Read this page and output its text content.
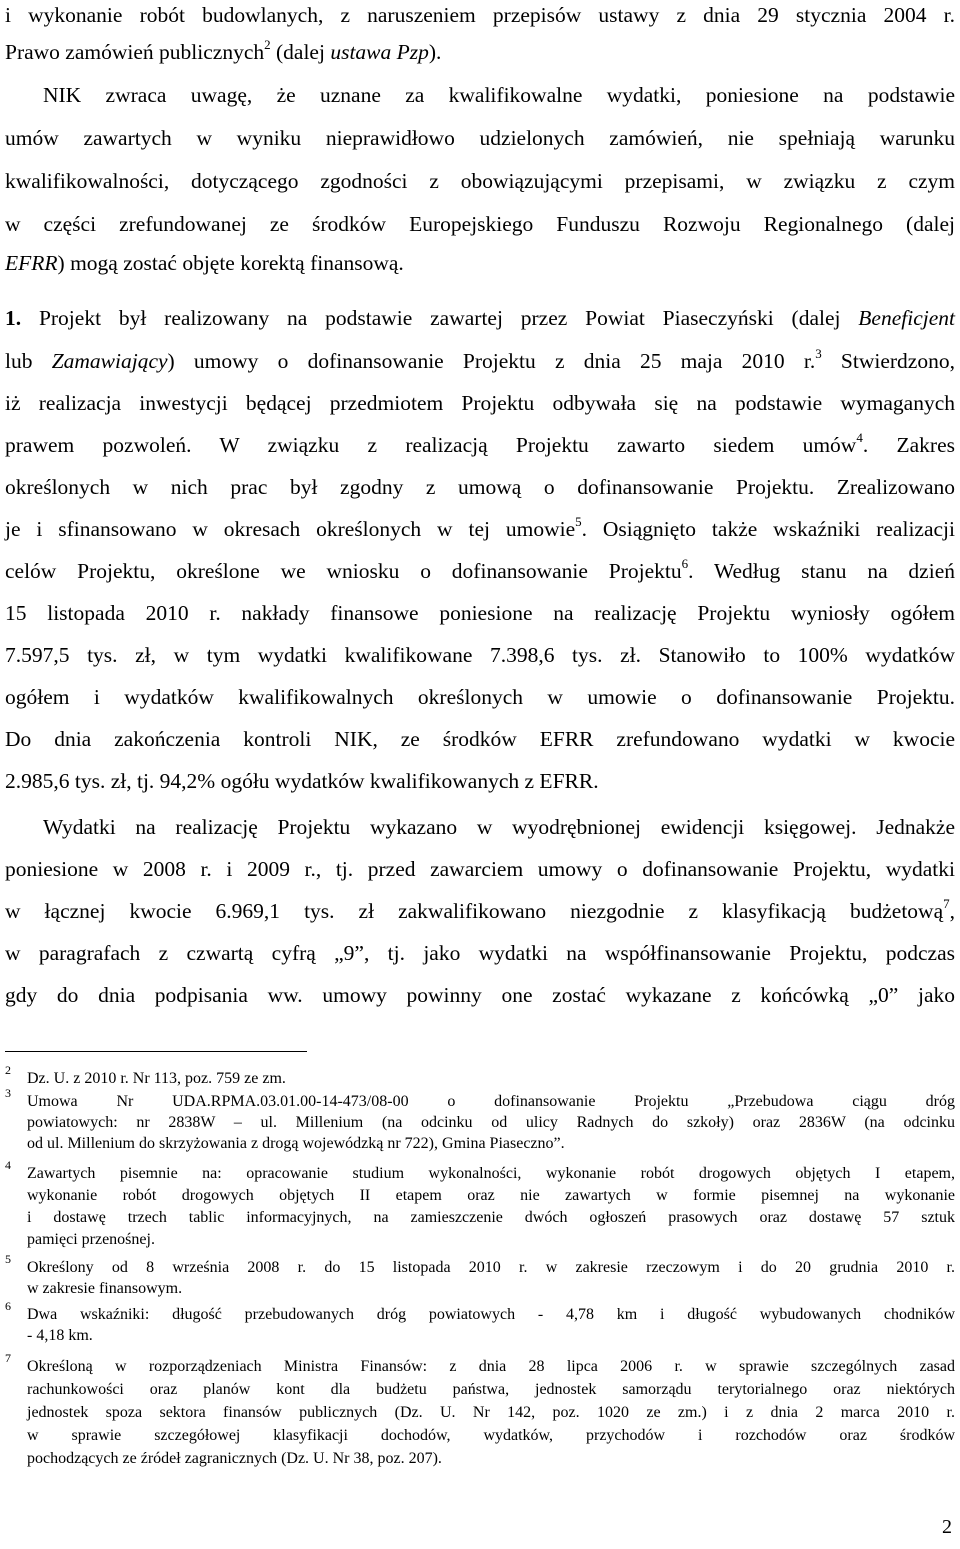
i wykonanie robót budowlanych, z naruszeniem przepisów ustawy z dnia 29 stycznia 2004 r.
Prawo zamówień publicznych$^2$ (dalej ustawa Pzp).
NIK zwraca uwagę, że uznane za kwalifikowalne wydatki, poniesione na podstawie
umów zawartych w wyniku nieprawidłowo udzielonych zamówień, nie spełniają warunku
kwalifikowalności, dotyczącego zgodności z obowiązującymi przepisami, w związku z czym
w części zrefundowanej ze środków Europejskiego Funduszu Rozwoju Regionalnego (dalej
EFRR) mogą zostać objęte korektą finansową.
1. Projekt był realizowany na podstawie zawartej przez Powiat Piaseczyński (dalej Beneficjent
lub Zamawiający) umowy o dofinansowanie Projektu z dnia 25 maja 2010 r.$^3$ Stwierdzono,
iż realizacja inwestycji będącej przedmiotem Projektu odbywała się na podstawie wymaganych
prawem pozwoleń. W związku z realizacją Projektu zawarto siedem umów$^4$. Zakres
określonych w nich prac był zgodny z umową o dofinansowanie Projektu. Zrealizowano
je i sfinansowano w okresach określonych w tej umowie$^5$. Osiągnięto także wskaźniki realizacji
celów Projektu, określone we wniosku o dofinansowanie Projektu$^6$. Według stanu na dzień
15 listopada 2010 r. nakłady finansowe poniesione na realizację Projektu wyniosły ogółem
7.597,5 tys. zł, w tym wydatki kwalifikowane 7.398,6 tys. zł. Stanowiło to 100% wydatków
ogółem i wydatków kwalifikowalnych określonych w umowie o dofinansowanie Projektu.
Do dnia zakończenia kontroli NIK, ze środków EFRR zrefundowano wydatki w kwocie
2.985,6 tys. zł, tj. 94,2% ogółu wydatków kwalifikowanych z EFRR.
Wydatki na realizację Projektu wykazano w wyodrębnionej ewidencji księgowej. Jednakże
poniesione w 2008 r. i 2009 r., tj. przed zawarciem umowy o dofinansowanie Projektu, wydatki
w łącznej kwocie 6.969,1 tys. zł zakwalifikowano niezgodnie z klasyfikacją budżetową$^7$,
w paragrafach z czwartą cyfrą „9”, tj. jako wydatki na współfinansowanie Projektu, podczas
gdy do dnia podpisania ww. umowy powinny one zostać wykazane z końcówką „0” jako
2 Dz. U. z 2010 r. Nr 113, poz. 759 ze zm.
3 Umowa Nr UDA.RPMA.03.01.00-14-473/08-00 o dofinansowanie Projektu „Przebudowa ciągu dróg
powiatowych: nr 2838W – ul. Millenium (na odcinku od ulicy Radnych do szkoły) oraz 2836W (na odcinku
od ul. Millenium do skrzyżowania z drogą wojewódzką nr 722), Gmina Piaseczno”.
4 Zawartych pisemnie na: opracowanie studium wykonalności, wykonanie robót drogowych objętych I etapem,
wykonanie robót drogowych objętych II etapem oraz nie zawartych w formie pisemnej na wykonanie
i dostawę trzech tablic informacyjnych, na zamieszczenie dwóch ogłoszeń prasowych oraz dostawę 57 sztuk
pamięci przenośnej.
5 Określony od 8 września 2008 r. do 15 listopada 2010 r. w zakresie rzeczowym i do 20 grudnia 2010 r.
w zakresie finansowym.
6 Dwa wskaźniki: długość przebudowanych dróg powiatowych - 4,78 km i długość wybudowanych chodników
- 4,18 km.
7 Określoną w rozporządzeniach Ministra Finansów: z dnia 28 lipca 2006 r. w sprawie szczególnych zasad
rachunkowości oraz planów kont dla budżetu państwa, jednostek samorządu terytorialnego oraz niektórych
jednostek spoza sektora finansów publicznych (Dz. U. Nr 142, poz. 1020 ze zm.) i z dnia 2 marca 2010 r.
w sprawie szczegółowej klasyfikacji dochodów, wydatków, przychodów i rozchodów oraz środków
pochodzących ze źródeł zagranicznych (Dz. U. Nr 38, poz. 207).
2
